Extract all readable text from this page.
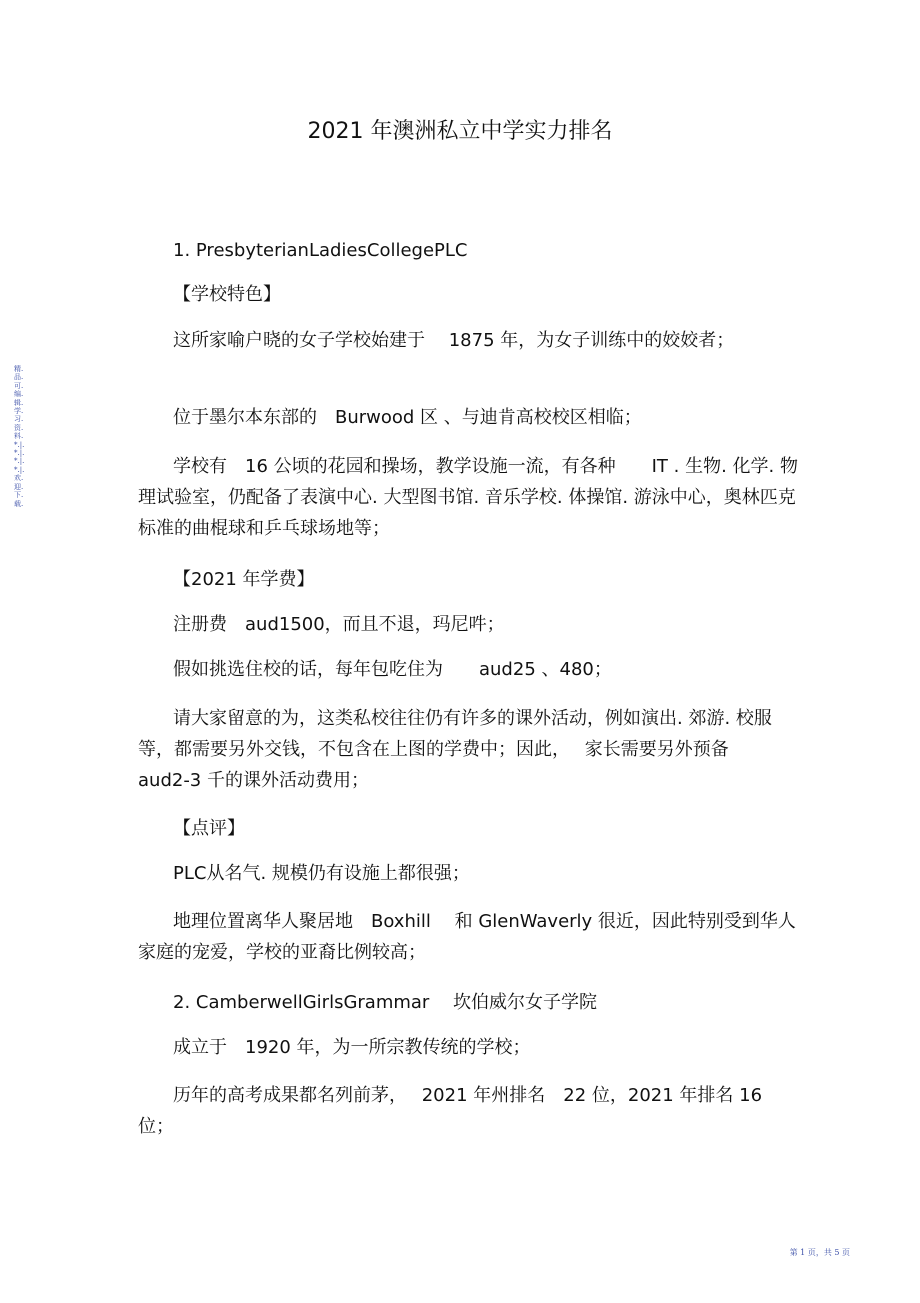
精.品.可.编.辑.学.习.资.料.*.|.*.|.*.|.*.|.欢.迎.下.载.
2021 年澳洲私立中学实力排名

1. PresbyterianLadiesCollegePLC

【学校特色】

这所家喻户晓的女子学校始建于　 1875 年，为女子训练中的姣姣者；

位于墨尔本东部的　Burwood 区 、与迪肯高校校区相临；

学校有　16 公顷的花园和操场，教学设施一流，有各种　　IT . 生物. 化学. 物理试验室，仍配备了表演中心. 大型图书馆. 音乐学校. 体操馆. 游泳中心，奥林匹克标准的曲棍球和乒乓球场地等；

【2021 年学费】

注册费　aud1500，而且不退，玛尼吽；

假如挑选住校的话，每年包吃住为　　aud25 、480；

请大家留意的为，这类私校往往仍有许多的课外活动，例如演出. 郊游. 校服等，都需要另外交钱，不包含在上图的学费中；因此，　 家长需要另外预备　　aud2-3 千的课外活动费用；

【点评】

PLC从名气. 规模仍有设施上都很强；

地理位置离华人聚居地　Boxhill　 和 GlenWaverly 很近，因此特别受到华人家庭的宠爱，学校的亚裔比例较高；

2. CamberwellGirlsGrammar　 坎伯威尔女子学院

成立于　1920 年，为一所宗教传统的学校；

历年的高考成果都名列前茅，　 2021 年州排名　22 位，2021 年排名 16 位；

第 1 页，共 5 页
